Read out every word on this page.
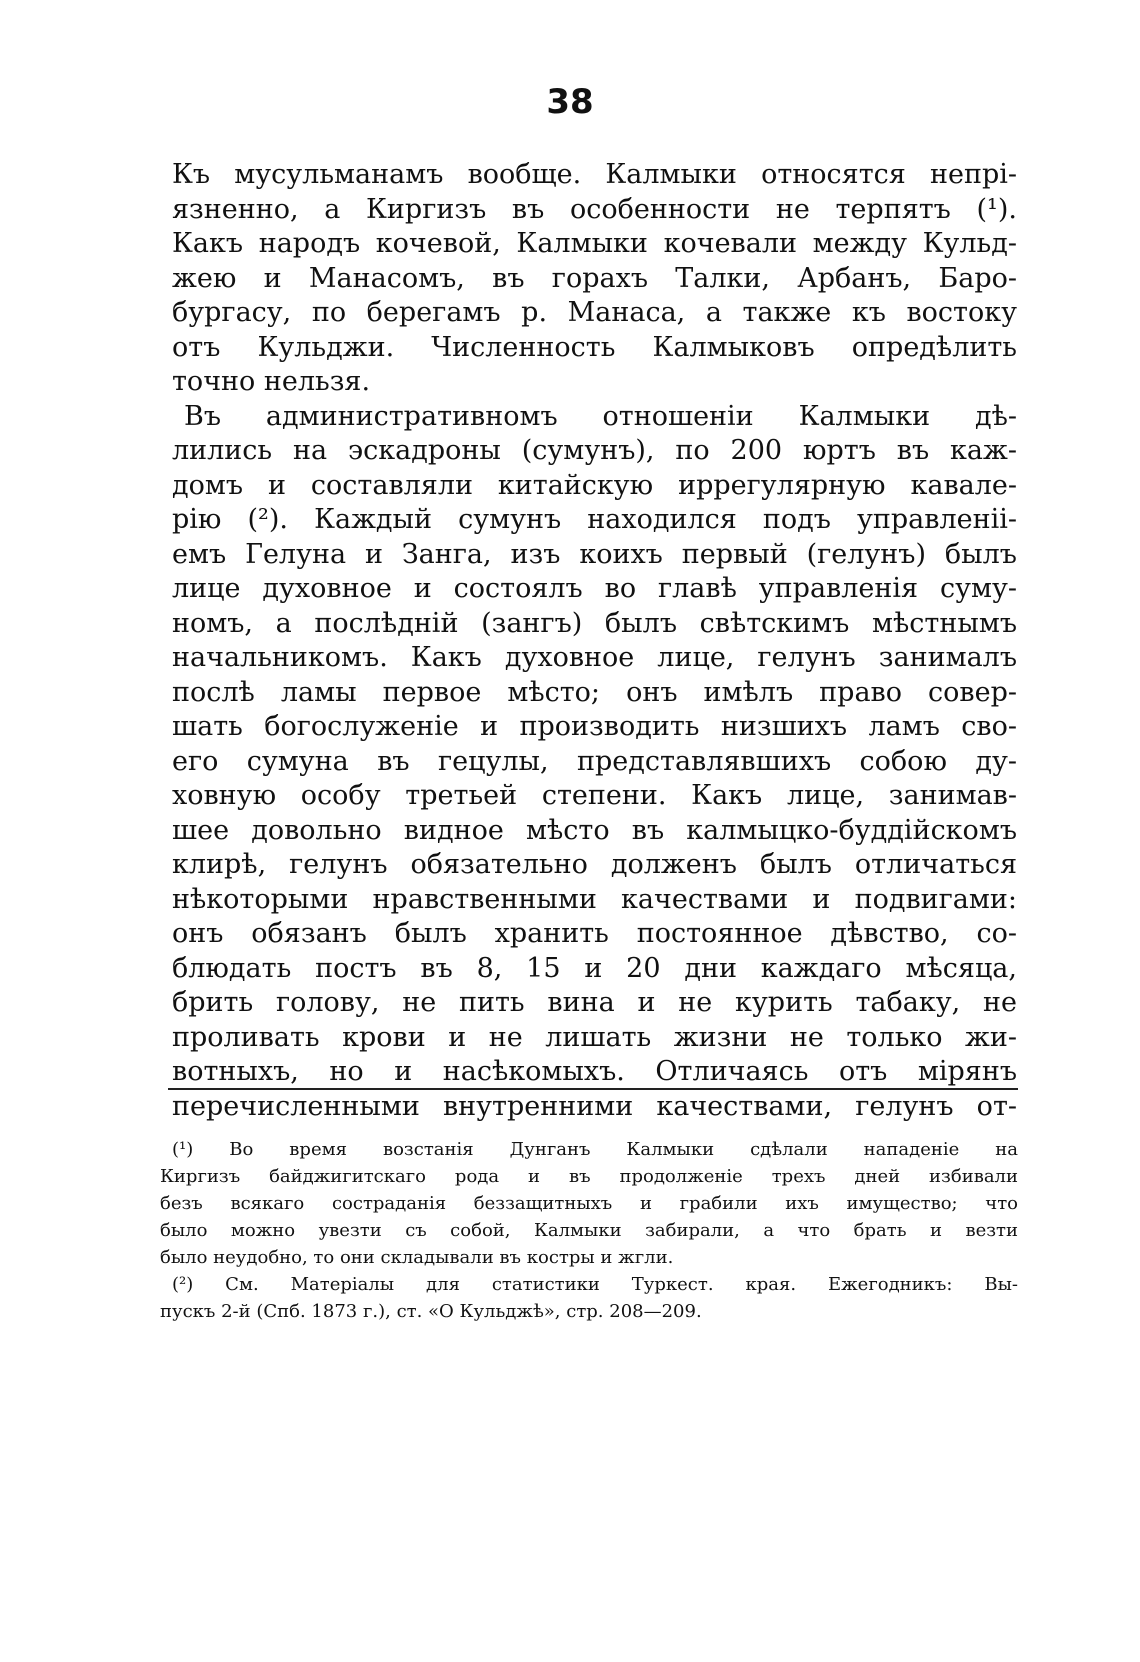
38
Къ мусульманамъ вообще. Калмыки относятся непрі-
язненно, а Киргизъ въ особенности не терпятъ (¹).
Какъ народъ кочевой, Калмыки кочевали между Кульд-
жею и Манасомъ, въ горахъ Талки, Арбанъ, Баро-
бургасу, по берегамъ р. Манаса, а также къ востоку
отъ Кульджи. Численность Калмыковъ опредѣлить
точно нельзя.
Въ административномъ отношеніи Калмыки дѣ-
лились на эскадроны (сумунъ), по 200 юртъ въ каж-
домъ и составляли китайскую иррегулярную кавале-
рію (²). Каждый сумунъ находился подъ управленіі-
емъ Гелуна и Занга, изъ коихъ первый (гелунъ) былъ
лице духовное и состоялъ во главѣ управленія суму-
номъ, а послѣдній (зангъ) былъ свѣтскимъ мѣстнымъ
начальникомъ. Какъ духовное лице, гелунъ занималъ
послѣ ламы первое мѣсто; онъ имѣлъ право совер-
шать богослуженіе и производить низшихъ ламъ сво-
его сумуна въ гецулы, представлявшихъ собою ду-
ховную особу третьей степени. Какъ лице, занимав-
шее довольно видное мѣсто въ калмыцко-буддійскомъ
клирѣ, гелунъ обязательно долженъ былъ отличаться
нѣкоторыми нравственными качествами и подвигами:
онъ обязанъ былъ хранить постоянное дѣвство, со-
блюдать постъ въ 8, 15 и 20 дни каждаго мѣсяца,
брить голову, не пить вина и не курить табаку, не
проливать крови и не лишать жизни не только жи-
вотныхъ, но и насѣкомыхъ. Отличаясь отъ мірянъ
перечисленными внутренними качествами, гелунъ от-
(¹) Во время возстанія Дунганъ Калмыки сдѣлали нападеніе на
Киргизъ байджигитскаго рода и въ продолженіе трехъ дней избивали
безъ всякаго состраданія беззащитныхъ и грабили ихъ имущество; что
было можно увезти съ собой, Калмыки забирали, а что брать и везти
было неудобно, то они складывали въ костры и жгли.
(²) См. Матеріалы для статистики Туркест. края. Ежегодникъ: Вы-
пускъ 2-й (Спб. 1873 г.), ст. «О Кульджѣ», стр. 208—209.
